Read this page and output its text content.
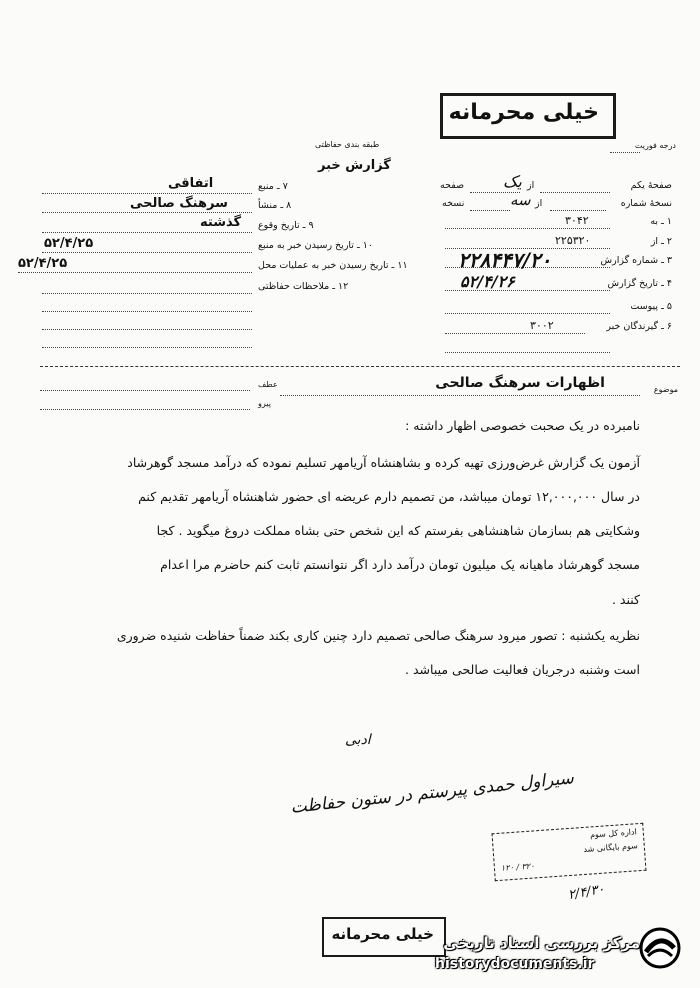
خیلی محرمانه
درجه فوریت
طبقه بندی حفاظتی
گزارش خبر
صفحهٔ یکم
یک از
صفحه
نسخهٔ شماره
سه از
نسخه
۱ ـ به
۳۰۴۲
۲ ـ از
۲۲۵۳۲۰
۳ ـ شماره گزارش
۲۲۸۴۴۷/۲۰
۴ ـ تاریخ گزارش
۵۲/۴/۲۶
۵ ـ پیوست
۶ ـ گیرندگان خبر
۳۰۰۲
۷ ـ منبع
اتفاقی
۸ ـ منشأ
سرهنگ صالحی
۹ ـ تاریخ وقوع
گذشته
۱۰ ـ تاریخ رسیدن خبر به منبع
۵۲/۴/۲۵
۱۱ ـ تاریخ رسیدن خبر به عملیات محل
۵۲/۴/۲۵
۱۲ ـ ملاحظات حفاظتی
موضوع
اظهارات سرهنگ صالحی
عطف
پیرو
نامبرده در یک صحبت خصوصی اظهار داشته :
آزمون یک گزارش غرض‌ورزی تهیه کرده و بشاهنشاه آریامهر تسلیم نموده که درآمد مسجد گوهرشاد
در سال ۱۲,۰۰۰,۰۰۰ تومان میباشد، من تصمیم دارم عریضه ای حضور شاهنشاه آریامهر تقدیم کنم
وشکایتی هم بسازمان شاهنشاهی بفرستم که این شخص حتی بشاه مملکت دروغ میگوید . کجا
مسجد گوهرشاد ماهیانه یک میلیون تومان درآمد دارد اگر نتوانستم ثابت کنم حاضرم مرا اعدام
کنند .
نظریه یکشنبه : تصور میرود سرهنگ صالحی تصمیم دارد چنین کاری بکند ضمناً حفاظت شنیده ضروری
است وشنبه درجریان فعالیت صالحی میباشد .
ادبی
سیراول حمدی پیرستم در ستون حفاظت
اداره کل سوم
سوم بایگانی شد
۱۲۰ / ۳۲۰
۲/۴/۳۰
خیلی محرمانه مرکز بررسی اسناد تاریخی
historydocuments.ir
